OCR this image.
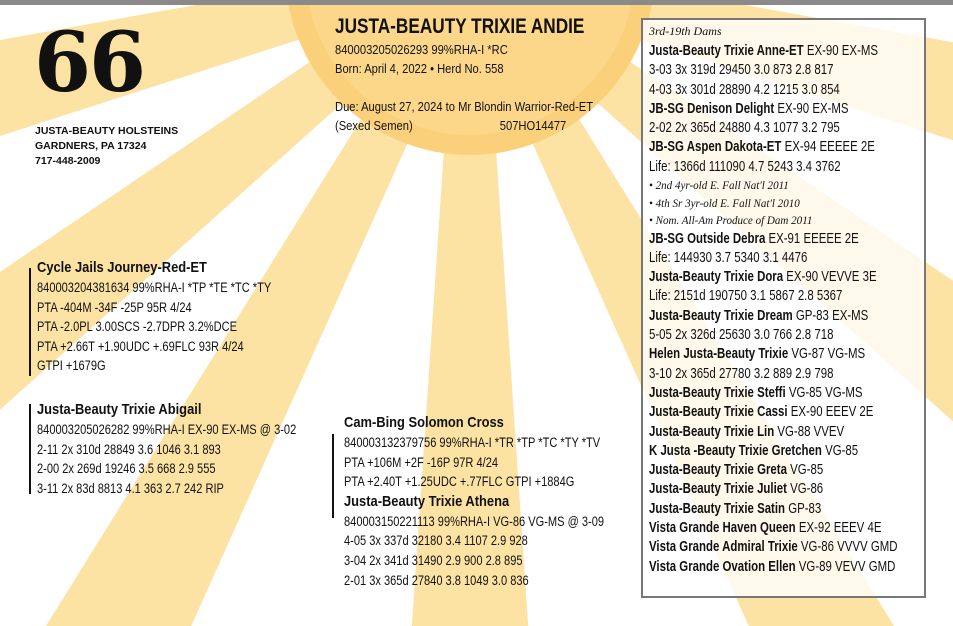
66
JUSTA-BEAUTY HOLSTEINS
GARDNERS, PA 17324
717-448-2009
JUSTA-BEAUTY TRIXIE ANDIE
840003205026293 99%RHA-I *RC
Born: April 4, 2022 • Herd No. 558
Due: August 27, 2024 to Mr Blondin Warrior-Red-ET
(Sexed Semen)	507HO14477
Cycle Jails Journey-Red-ET
840003204381634 99%RHA-I *TP *TE *TC *TY
PTA -404M -34F -25P 95R 4/24
PTA -2.0PL 3.00SCS -2.7DPR 3.2%DCE
PTA +2.66T +1.90UDC +.69FLC 93R 4/24
GTPI +1679G
Justa-Beauty Trixie Abigail
840003205026282 99%RHA-I EX-90 EX-MS @ 3-02
2-11 2x 310d 28849 3.6 1046 3.1 893
2-00 2x 269d 19246 3.5 668 2.9 555
3-11 2x 83d 8813 4.1 363 2.7 242 RIP
Cam-Bing Solomon Cross
840003132379756 99%RHA-I *TR *TP *TC *TY *TV
PTA +106M +2F -16P 97R 4/24
PTA +2.40T +1.25UDC +.77FLC GTPI +1884G
Justa-Beauty Trixie Athena
840003150221113 99%RHA-I VG-86 VG-MS @ 3-09
4-05 3x 337d 32180 3.4 1107 2.9 928
3-04 2x 341d 31490 2.9 900 2.8 895
2-01 3x 365d 27840 3.8 1049 3.0 836
3rd-19th Dams
Justa-Beauty Trixie Anne-ET EX-90 EX-MS
3-03 3x 319d 29450 3.0 873 2.8 817
4-03 3x 301d 28890 4.2 1215 3.0 854
JB-SG Denison Delight EX-90 EX-MS
2-02 2x 365d 24880 4.3 1077 3.2 795
JB-SG Aspen Dakota-ET EX-94 EEEEE 2E
Life: 1366d 111090 4.7 5243 3.4 3762
• 2nd 4yr-old E. Fall Nat'l 2011
• 4th Sr 3yr-old E. Fall Nat'l 2010
• Nom. All-Am Produce of Dam 2011
JB-SG Outside Debra EX-91 EEEEE 2E
Life: 144930 3.7 5340 3.1 4476
Justa-Beauty Trixie Dora EX-90 VEVVE 3E
Life: 2151d 190750 3.1 5867 2.8 5367
Justa-Beauty Trixie Dream GP-83 EX-MS
5-05 2x 326d 25630 3.0 766 2.8 718
Helen Justa-Beauty Trixie VG-87 VG-MS
3-10 2x 365d 27780 3.2 889 2.9 798
Justa-Beauty Trixie Steffi VG-85 VG-MS
Justa-Beauty Trixie Cassi EX-90 EEEV 2E
Justa-Beauty Trixie Lin VG-88 VVEV
K Justa -Beauty Trixie Gretchen VG-85
Justa-Beauty Trixie Greta VG-85
Justa-Beauty Trixie Juliet VG-86
Justa-Beauty Trixie Satin GP-83
Vista Grande Haven Queen EX-92 EEEV 4E
Vista Grande Admiral Trixie VG-86 VVVV GMD
Vista Grande Ovation Ellen VG-89 VEVV GMD
